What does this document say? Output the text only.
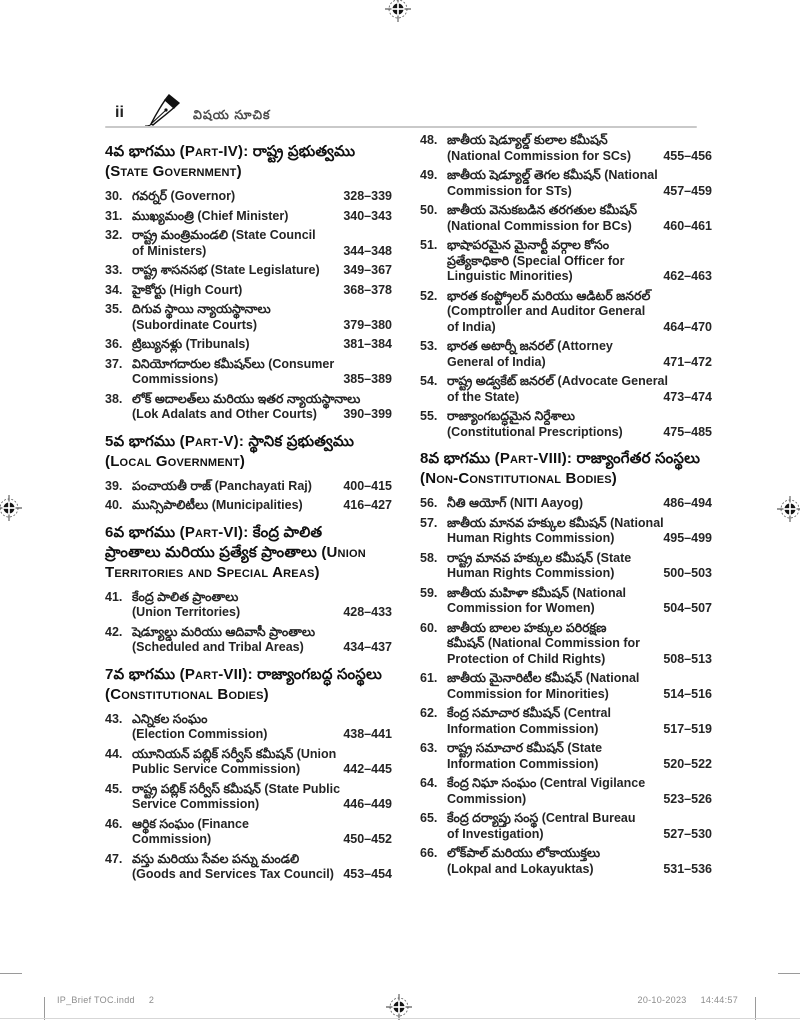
ii	విషయ సూచిక
4వ భాగము (Part-IV): రాష్ట్ర ప్రభుత్వము
(State Government)
30. గవర్నర్ (Governor)	328–339
31. ముఖ్యమంత్రి (Chief Minister)	340–343
32. రాష్ట్ర మంత్రిమండలి (State Council
of Ministers)	344–348
33. రాష్ట్ర శాసనసభ (State Legislature) 349–367
34. హైకోర్టు (High Court)	368–378
35. దిగువ స్థాయి న్యాయస్థానాలు
(Subordinate Courts)	379–380
36. ట్రిబ్యునళ్లు (Tribunals)	381–384
37. వినియోగదారుల కమీషన్‌లు (Consumer
Commissions)	385–389
38. లోక్ అదాలత్‌లు మరియు ఇతర న్యాయస్థానాలు
(Lok Adalats and Other Courts) 390–399
5వ భాగము (Part-V): స్థానిక ప్రభుత్వము
(Local Government)
39. పంచాయతీ రాజ్ (Panchayati Raj)	400–415
40. మున్సిపాలిటీలు (Municipalities)	416–427
6వ భాగము (Part-VI): కేంద్ర పాలిత
ప్రాంతాలు మరియు ప్రత్యేక ప్రాంతాలు (Union
Territories and Special Areas)
41. కేంద్ర పాలిత ప్రాంతాలు
(Union Territories)	428–433
42. షెడ్యూల్డు మరియు ఆదివాసీ ప్రాంతాలు
(Scheduled and Tribal Areas)	434–437
7వ భాగము (Part-VII): రాజ్యాంగబద్ధ సంస్థలు
(Constitutional Bodies)
43. ఎన్నికల సంఘం
(Election Commission)	438–441
44. యూనియన్ పబ్లిక్ సర్వీస్ కమీషన్ (Union
Public Service Commission)	442–445
45. రాష్ట్ర పబ్లిక్ సర్వీస్ కమీషన్ (State Public
Service Commission)	446–449
46. ఆర్థిక సంఘం (Finance
Commission)	450–452
47. వస్తు మరియు సేవల పన్ను మండలి
(Goods and Services Tax Council) 453–454
48. జాతీయ షెడ్యూల్డ్ కులాల కమీషన్
(National Commission for SCs)	455–456
49. జాతీయ షెడ్యూల్డ్ తెగల కమీషన్ (National
Commission for STs)	457–459
50. జాతీయ వెనుకబడిన తరగతుల కమీషన్
(National Commission for BCs)	460–461
51. భాషాపరమైన మైనార్టీ వర్గాల కోసం
ప్రత్యేకాధికారి (Special Officer for
Linguistic Minorities)	462–463
52. భారత కంప్ట్రోలర్ మరియు ఆడిటర్ జనరల్
(Comptroller and Auditor General
of India)	464–470
53. భారత అటార్నీ జనరల్ (Attorney
General of India)	471–472
54. రాష్ట్ర అడ్వకేట్ జనరల్ (Advocate General
of the State)	473–474
55. రాజ్యాంగబద్ధమైన నిర్దేశాలు
(Constitutional Prescriptions)	475–485
8వ భాగము (Part-VIII): రాజ్యాంగేతర సంస్థలు
(Non-Constitutional Bodies)
56. నీతి ఆయోగ్ (NITI Aayog)	486–494
57. జాతీయ మానవ హక్కుల కమీషన్ (National
Human Rights Commission)	495–499
58. రాష్ట్ర మానవ హక్కుల కమీషన్ (State
Human Rights Commission)	500–503
59. జాతీయ మహిళా కమీషన్ (National
Commission for Women)	504–507
60. జాతీయ బాలల హక్కుల పరిరక్షణ
కమీషన్ (National Commission for
Protection of Child Rights)	508–513
61. జాతీయ మైనారిటీల కమీషన్ (National
Commission for Minorities)	514–516
62. కేంద్ర సమాచార కమీషన్ (Central
Information Commission)	517–519
63. రాష్ట్ర సమాచార కమీషన్ (State
Information Commission)	520–522
64. కేంద్ర నిఘా సంఘం (Central Vigilance
Commission)	523–526
65. కేంద్ర దర్యాప్తు సంస్థ (Central Bureau
of Investigation)	527–530
66. లోక్‌పాల్ మరియు లోకాయుక్తలు
(Lokpal and Lokayuktas)	531–536
IP_Brief TOC.indd 2	20-10-2023 14:44:57
